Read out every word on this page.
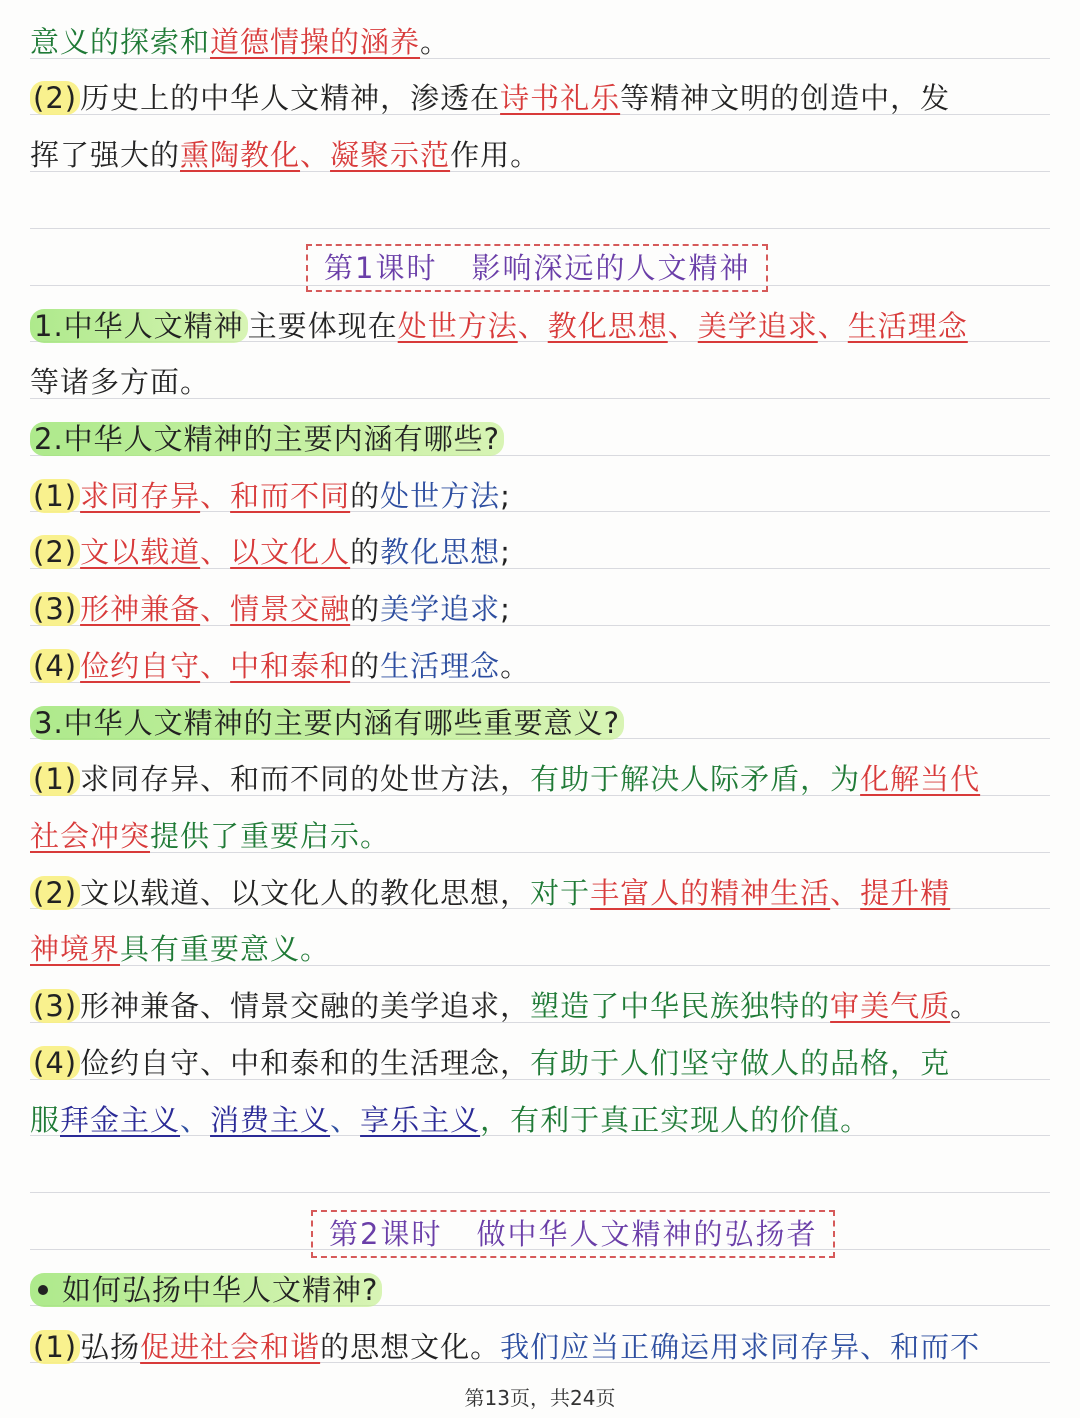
意义的探索和道德情操的涵养。
(2) 历史上的中华人文精神，渗透在诗书礼乐等精神文明的创造中，发
挥了强大的熏陶教化、凝聚示范作用。
第1课时 影响深远的人文精神
1.中华人文精神 主要体现在处世方法、教化思想、美学追求、生活理念
等诸多方面。
2.中华人文精神的主要内涵有哪些?
(1) 求同存异、和而不同的处世方法;
(2) 文以载道、以文化人的教化思想;
(3) 形神兼备、情景交融的美学追求;
(4) 俭约自守、中和泰和的生活理念。
3.中华人文精神的主要内涵有哪些重要意义?
(1) 求同存异、和而不同的处世方法，有助于解决人际矛盾，为化解当代
社会冲突提供了重要启示。
(2) 文以载道、以文化人的教化思想，对于丰富人的精神生活、提升精
神境界具有重要意义。
(3) 形神兼备、情景交融的美学追求，塑造了中华民族独特的审美气质。
(4) 俭约自守、中和泰和的生活理念，有助于人们坚守做人的品格，克
服拜金主义、消费主义、享乐主义，有利于真正实现人的价值。
第2课时 做中华人文精神的弘扬者
如何弘扬中华人文精神?
(1) 弘扬促进社会和谐的思想文化。我们应当正确运用求同存异、和而不
第13页，共24页
